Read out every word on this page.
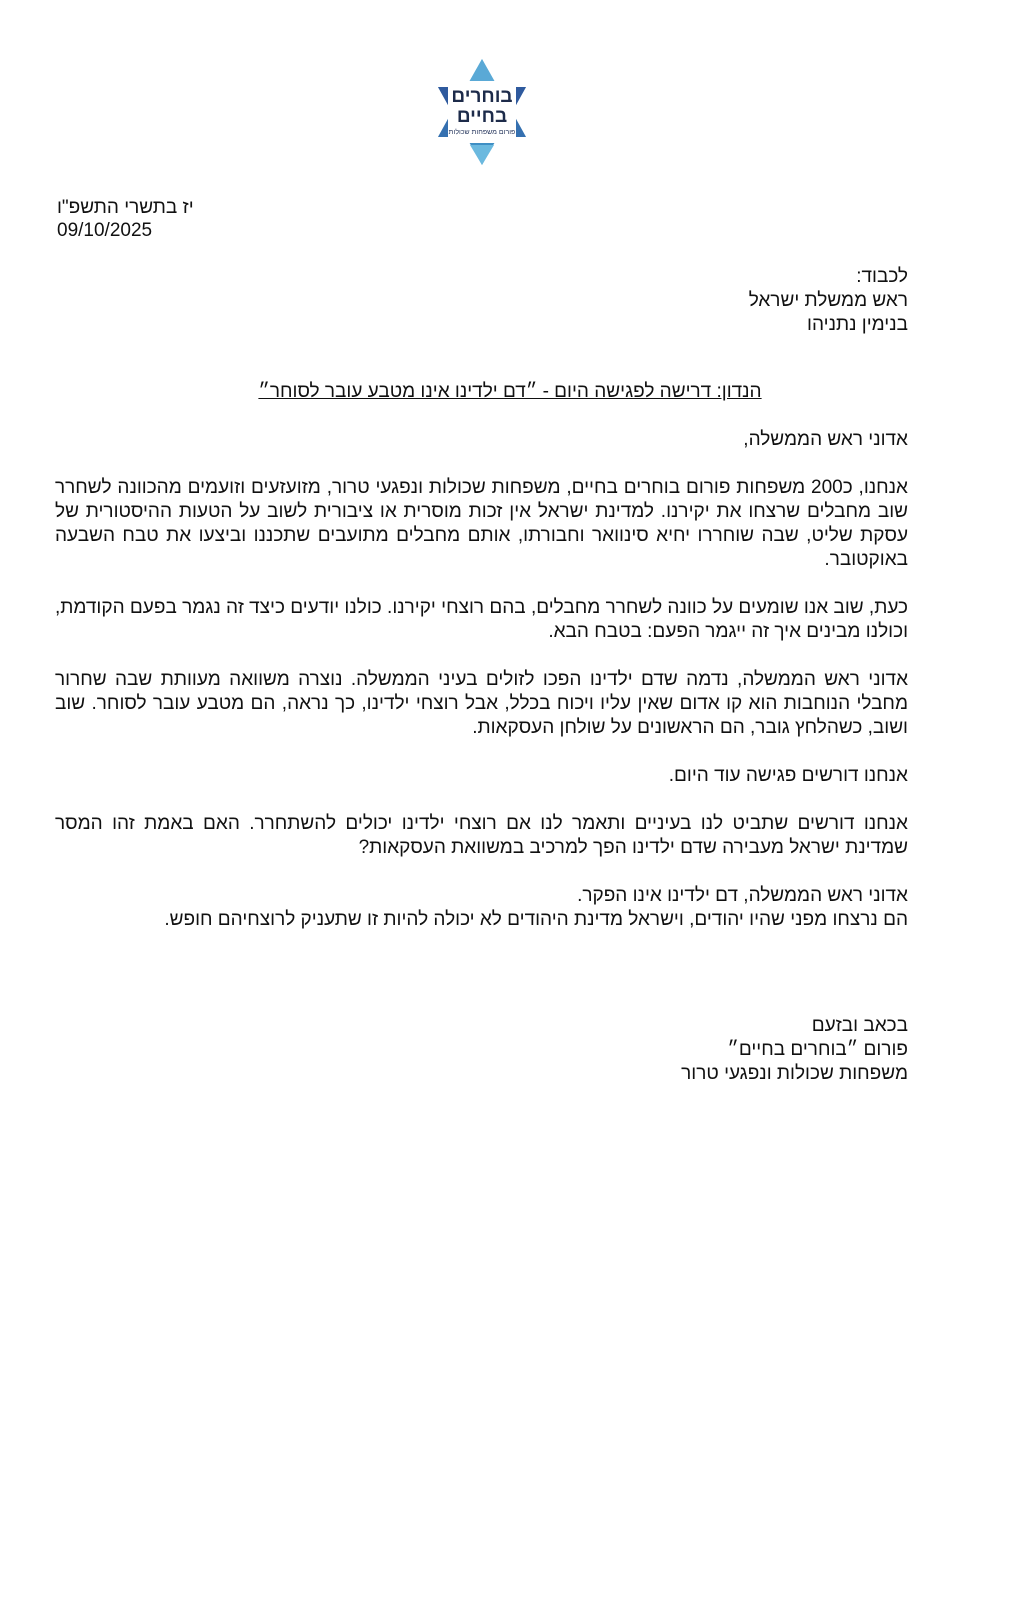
בוחרים
בחיים
פורום משפחות שכולות
יז בתשרי התשפ"ו
09/10/2025
לכבוד:
ראש ממשלת ישראל
בנימין נתניהו
הנדון: דרישה לפגישה היום - ״דם ילדינו אינו מטבע עובר לסוחר״

אדוני ראש הממשלה,

אנחנו, כ200 משפחות פורום בוחרים בחיים, משפחות שכולות ונפגעי טרור, מזועזעים וזועמים מהכוונה לשחרר שוב מחבלים שרצחו את יקירנו. למדינת ישראל אין זכות מוסרית או ציבורית לשוב על הטעות ההיסטורית של עסקת שליט, שבה שוחררו יחיא סינוואר וחבורתו, אותם מחבלים מתועבים שתכננו וביצעו את טבח השבעה באוקטובר.

כעת, שוב אנו שומעים על כוונה לשחרר מחבלים, בהם רוצחי יקירנו. כולנו יודעים כיצד זה נגמר בפעם הקודמת, וכולנו מבינים איך זה ייגמר הפעם: בטבח הבא.

אדוני ראש הממשלה, נדמה שדם ילדינו הפכו לזולים בעיני הממשלה. נוצרה משוואה מעוותת שבה שחרור מחבלי הנוחבות הוא קו אדום שאין עליו ויכוח בכלל, אבל רוצחי ילדינו, כך נראה, הם מטבע עובר לסוחר. שוב ושוב, כשהלחץ גובר, הם הראשונים על שולחן העסקאות.

אנחנו דורשים פגישה עוד היום.

אנחנו דורשים שתביט לנו בעיניים ותאמר לנו אם רוצחי ילדינו יכולים להשתחרר. האם באמת זהו המסר שמדינת ישראל מעבירה שדם ילדינו הפך למרכיב במשוואת העסקאות?

אדוני ראש הממשלה, דם ילדינו אינו הפקר.

הם נרצחו מפני שהיו יהודים, וישראל מדינת היהודים לא יכולה להיות זו שתעניק לרוצחיהם חופש.

בכאב ובזעם
פורום ״בוחרים בחיים״
משפחות שכולות ונפגעי טרור
